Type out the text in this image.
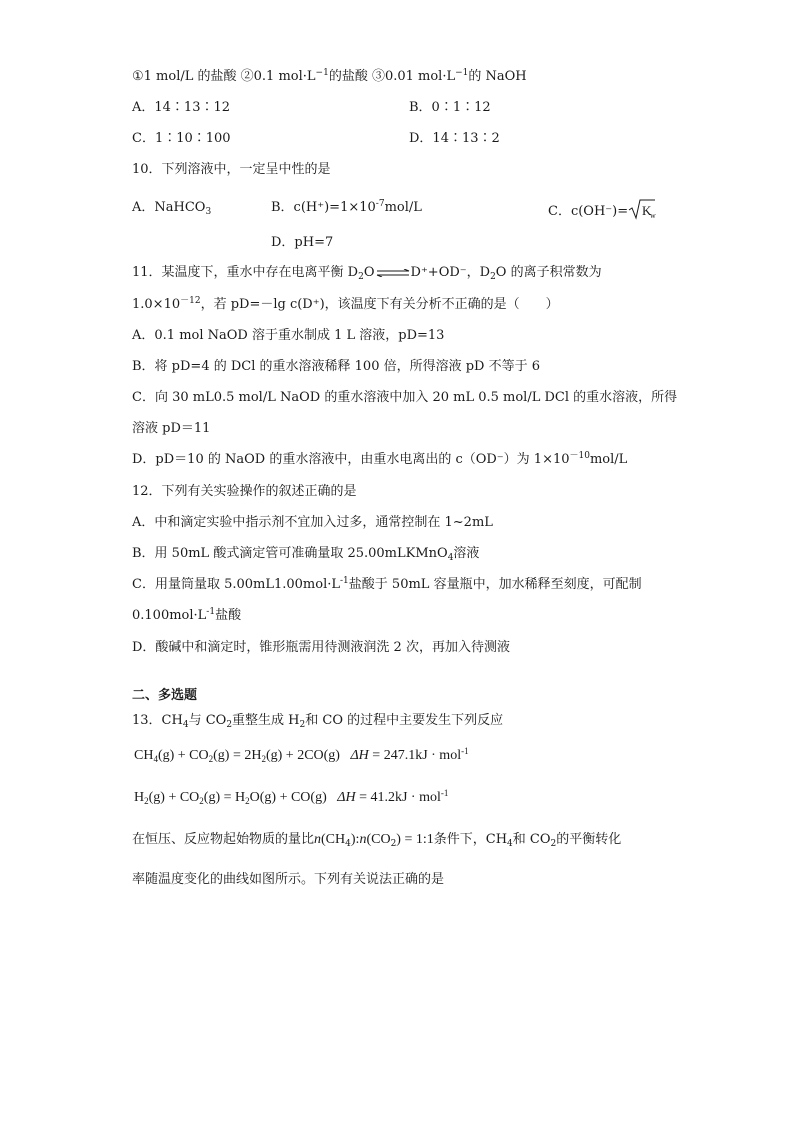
①1 mol/L 的盐酸 ②0.1 $mol\cdot L^{-1}$的盐酸 ③0.01 $mol\cdot L^{-1}$的 NaOH
A．14∶13∶12	B．0∶1∶12
C．1∶10∶100	D．14∶13∶2
10．下列溶液中，一定呈中性的是
A．NaHCO$_3$	B．$c(H^+)=1\times 10^{-7}mol/L$	C．c(OH⁻)= K
w
D．pH=7
11．某温度下，重水中存在电离平衡 $D_2O\rightleftharpoons D^++OD^-$，$D_2O$ 的离子积常数为
$1.0\times 10^{-12}$，若 pD=－lg c(D⁺)，该温度下有关分析不正确的是（　　）
A．0.1 mol NaOD 溶于重水制成 1 L 溶液，pD=13
B．将 pD=4 的 DCl 的重水溶液稀释 100 倍，所得溶液 pD 不等于 6
C．向 30 mL0.5 mol/L NaOD 的重水溶液中加入 20 mL 0.5 mol/L DCl 的重水溶液，所得
溶液 pD＝11
D．pD＝10 的 NaOD 的重水溶液中，由重水电离出的 c（OD⁻）为 $1\times 10^{-10}mol/L$
12．下列有关实验操作的叙述正确的是
A．中和滴定实验中指示剂不宜加入过多，通常控制在 1~2mL
B．用 50mL 酸式滴定管可准确量取 25.00mLKMnO$_4$溶液
C．用量筒量取 $5.00mL1.00mol\cdot L^{-1}$盐酸于 50mL 容量瓶中，加水稀释至刻度，可配制
$0.100mol\cdot L^{-1}$盐酸
D．酸碱中和滴定时，锥形瓶需用待测液润洗 2 次，再加入待测液
二、多选题
13．$CH_4$与 $CO_2$重整生成 $H_2$和 CO 的过程中主要发生下列反应
$CH_4(g) + CO_2(g) = 2H_2(g) + 2CO(g) \Delta H = 247.1kJ \cdot mol^{-1}$
$H_2(g) + CO_2(g) = H_2O(g) + CO(g) \Delta H = 41.2kJ \cdot mol^{-1}$
在恒压、反应物起始物质的量比$n(CH_4):n(CO_2)$ = 1:1条件下，$CH_4$和 $CO_2$的平衡转化
率随温度变化的曲线如图所示。下列有关说法正确的是
